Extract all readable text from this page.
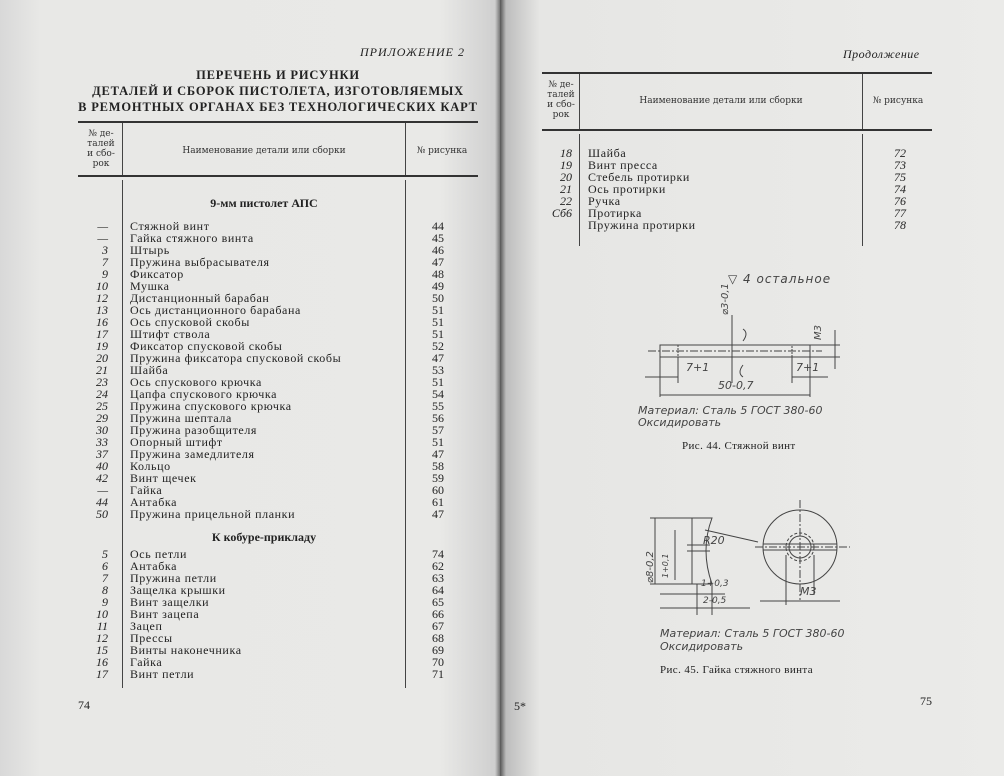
ПРИЛОЖЕНИЕ 2
ПЕРЕЧЕНЬ И РИСУНКИ
ДЕТАЛЕЙ И СБОРОК ПИСТОЛЕТА, ИЗГОТОВЛЯЕМЫХ
В РЕМОНТНЫХ ОРГАНАХ БЕЗ ТЕХНОЛОГИЧЕСКИХ КАРТ
№ де-
талей
и сбо-
рок
Наименование детали или сборки	№ рисунка
9-мм пистолет АПС
— Стяжной винт	44
— Гайка стяжного винта	45
3 Штырь	46
7 Пружина выбрасывателя	47
9 Фиксатор	48
10 Мушка	49
12 Дистанционный барабан	50
13 Ось дистанционного барабана	51
16 Ось спусковой скобы	51
17 Штифт ствола	51
19 Фиксатор спусковой скобы	52
20 Пружина фиксатора спусковой скобы	47
21 Шайба	53
23 Ось спускового крючка	51
24 Цапфа спускового крючка	54
25 Пружина спускового крючка	55
29 Пружина шептала	56
30 Пружина разобщителя	57
33 Опорный штифт	51
37 Пружина замедлителя	47
40 Кольцо	58
42 Винт щечек	59
— Гайка	60
44 Антабка	61
50 Пружина прицельной планки	47
К кобуре-прикладу
5 Ось петли	74
6 Антабка	62
7 Пружина петли	63
8 Защелка крышки	64
9 Винт защелки	65
10 Винт зацепа	66
11 Зацеп	67
12 Прессы	68
15 Винты наконечника	69
16 Гайка	70
17 Винт петли	71
74
Продолжение
№ де-
талей
и сбо-
рок
Наименование детали или сборки	№ рисунка
18 Шайба	72
19 Винт пресса	73
20 Стебель протирки	75
21 Ось протирки	74
22 Ручка	76
Сб6 Протирка	77
Пружина протирки	78
▽ 4 остальное
⌀3-0,1
M3
7+1	7+1
50-0,7
Материал: Сталь 5 ГОСТ 380-60
Оксидировать
Рис. 44. Стяжной винт
⌀8-0,2
R20
1+0,1
1+0,3
2-0,5
M3
Материал: Сталь 5 ГОСТ 380-60
Оксидировать
Рис. 45. Гайка стяжного винта
5*	75
